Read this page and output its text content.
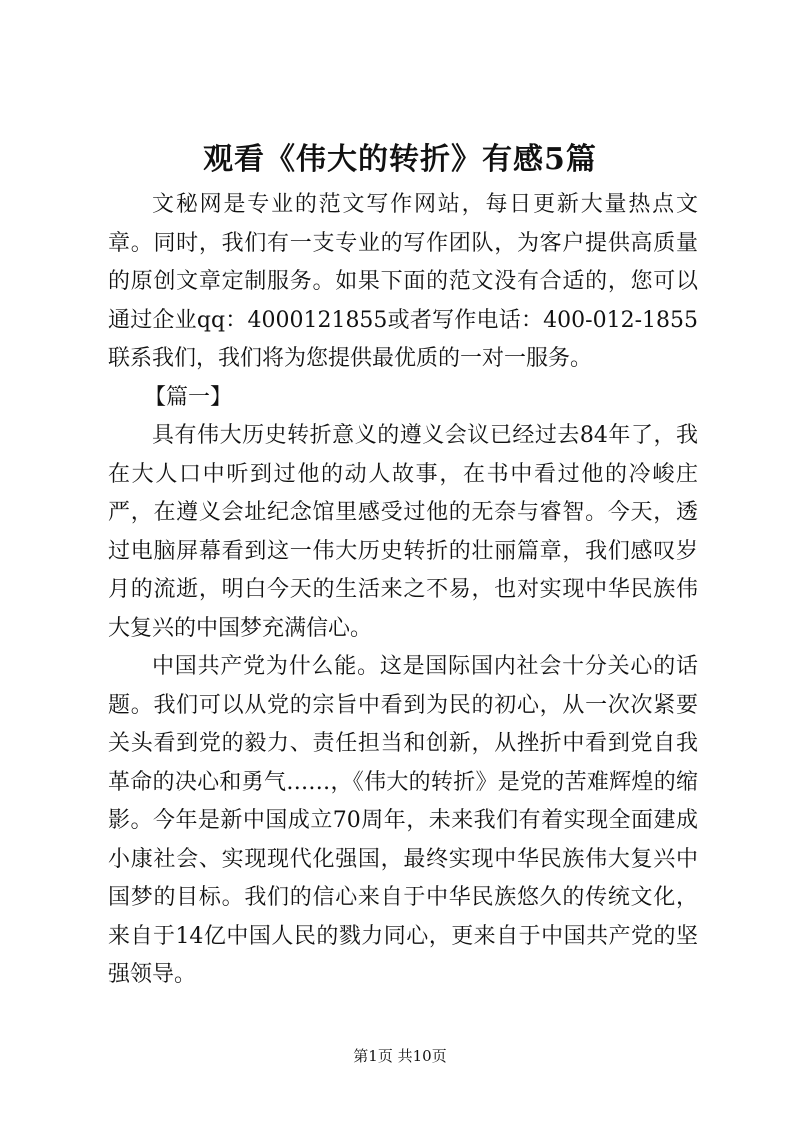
观看《伟大的转折》有感5篇

文秘网是专业的范文写作网站，每日更新大量热点文章。同时，我们有一支专业的写作团队，为客户提供高质量的原创文章定制服务。如果下面的范文没有合适的，您可以通过企业qq：4000121855或者写作电话：400-012-1855联系我们，我们将为您提供最优质的一对一服务。

【篇一】

具有伟大历史转折意义的遵义会议已经过去84年了，我在大人口中听到过他的动人故事，在书中看过他的冷峻庄严，在遵义会址纪念馆里感受过他的无奈与睿智。今天，透过电脑屏幕看到这一伟大历史转折的壮丽篇章，我们感叹岁月的流逝，明白今天的生活来之不易，也对实现中华民族伟大复兴的中国梦充满信心。

中国共产党为什么能。这是国际国内社会十分关心的话题。我们可以从党的宗旨中看到为民的初心，从一次次紧要关头看到党的毅力、责任担当和创新，从挫折中看到党自我革命的决心和勇气……，《伟大的转折》是党的苦难辉煌的缩影。今年是新中国成立70周年，未来我们有着实现全面建成小康社会、实现现代化强国，最终实现中华民族伟大复兴中国梦的目标。我们的信心来自于中华民族悠久的传统文化，来自于14亿中国人民的戮力同心，更来自于中国共产党的坚强领导。

第1页 共10页
